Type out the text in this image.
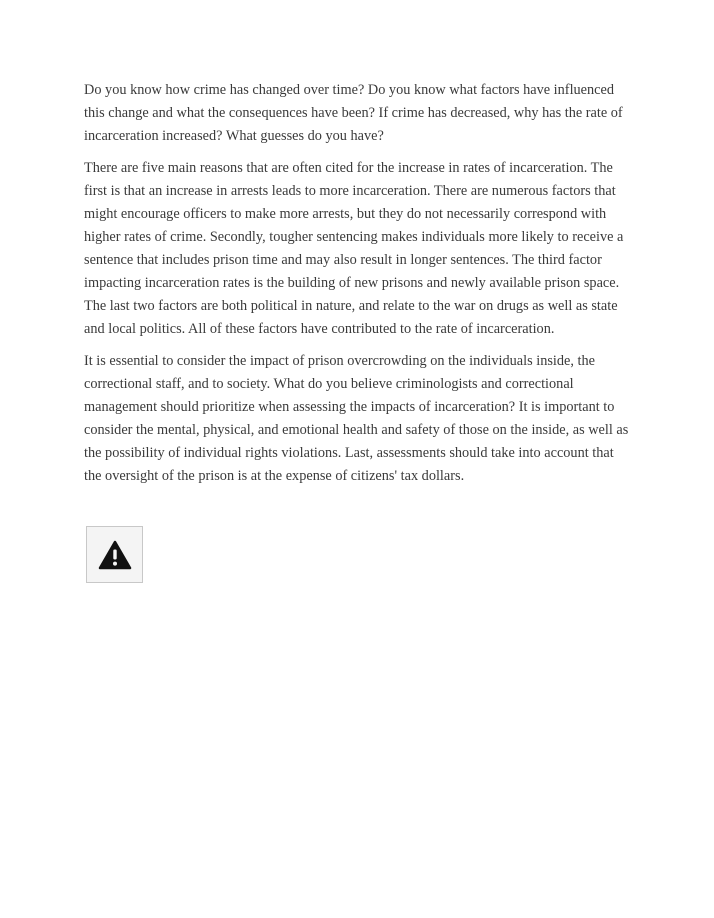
Do you know how crime has changed over time? Do you know what factors have influenced this change and what the consequences have been? If crime has decreased, why has the rate of incarceration increased? What guesses do you have?

There are five main reasons that are often cited for the increase in rates of incarceration. The first is that an increase in arrests leads to more incarceration. There are numerous factors that might encourage officers to make more arrests, but they do not necessarily correspond with higher rates of crime. Secondly, tougher sentencing makes individuals more likely to receive a sentence that includes prison time and may also result in longer sentences. The third factor impacting incarceration rates is the building of new prisons and newly available prison space. The last two factors are both political in nature, and relate to the war on drugs as well as state and local politics. All of these factors have contributed to the rate of incarceration.

It is essential to consider the impact of prison overcrowding on the individuals inside, the correctional staff, and to society. What do you believe criminologists and correctional management should prioritize when assessing the impacts of incarceration? It is important to consider the mental, physical, and emotional health and safety of those on the inside, as well as the possibility of individual rights violations. Last, assessments should take into account that the oversight of the prison is at the expense of citizens' tax dollars.
